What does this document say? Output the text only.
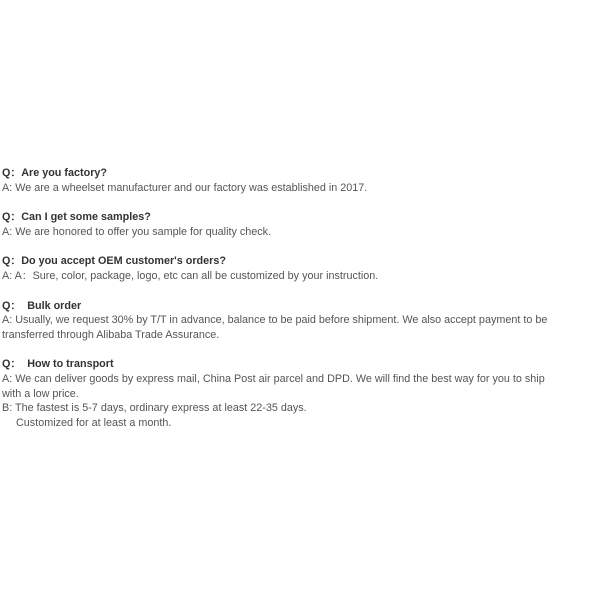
Q：Are you factory?
A: We are a wheelset manufacturer and our factory was established in 2017.
Q：Can I get some samples?
A: We are honored to offer you sample for quality check.
Q：Do you accept OEM customer's orders?
A: A：Sure, color, package, logo, etc can all be customized by your instruction.
Q：  Bulk order
A: Usually, we request 30% by T/T in advance, balance to be paid before shipment. We also accept payment to be transferred through Alibaba Trade Assurance.
Q：  How to transport
A: We can deliver goods by express mail, China Post air parcel and DPD. We will find the best way for you to ship with a low price.
B: The fastest is 5-7 days, ordinary express at least 22-35 days.
Customized for at least a month.
